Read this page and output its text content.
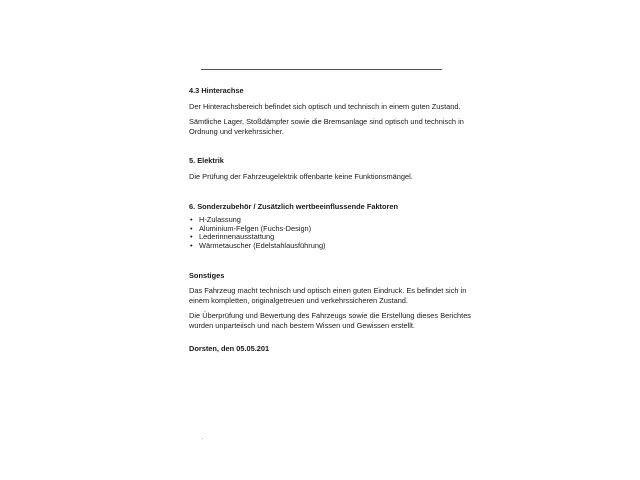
4.3 Hinterachse

Der Hinterachsbereich befindet sich optisch und technisch in einem guten Zustand.

Sämtliche Lager, Stoßdämpfer sowie die Bremsanlage sind optisch und technisch in Ordnung und verkehrssicher.

5. Elektrik

Die Prüfung der Fahrzeugelektrik offenbarte keine Funktionsmängel.

6. Sonderzubehör / Zusätzlich wertbeeinflussende Faktoren

• H-Zulassung
• Aluminium-Felgen (Fuchs-Design)
• Lederinnenausstattung
• Wärmetauscher (Edelstahlausführung)

Sonstiges

Das Fahrzeug macht technisch und optisch einen guten Eindruck. Es befindet sich in einem kompletten, originalgetreuen und verkehrssicheren Zustand.

Die Überprüfung und Bewertung des Fahrzeugs sowie die Erstellung dieses Berichtes wurden unparteiisch und nach bestem Wissen und Gewissen erstellt.

Dorsten, den 05.05.201
